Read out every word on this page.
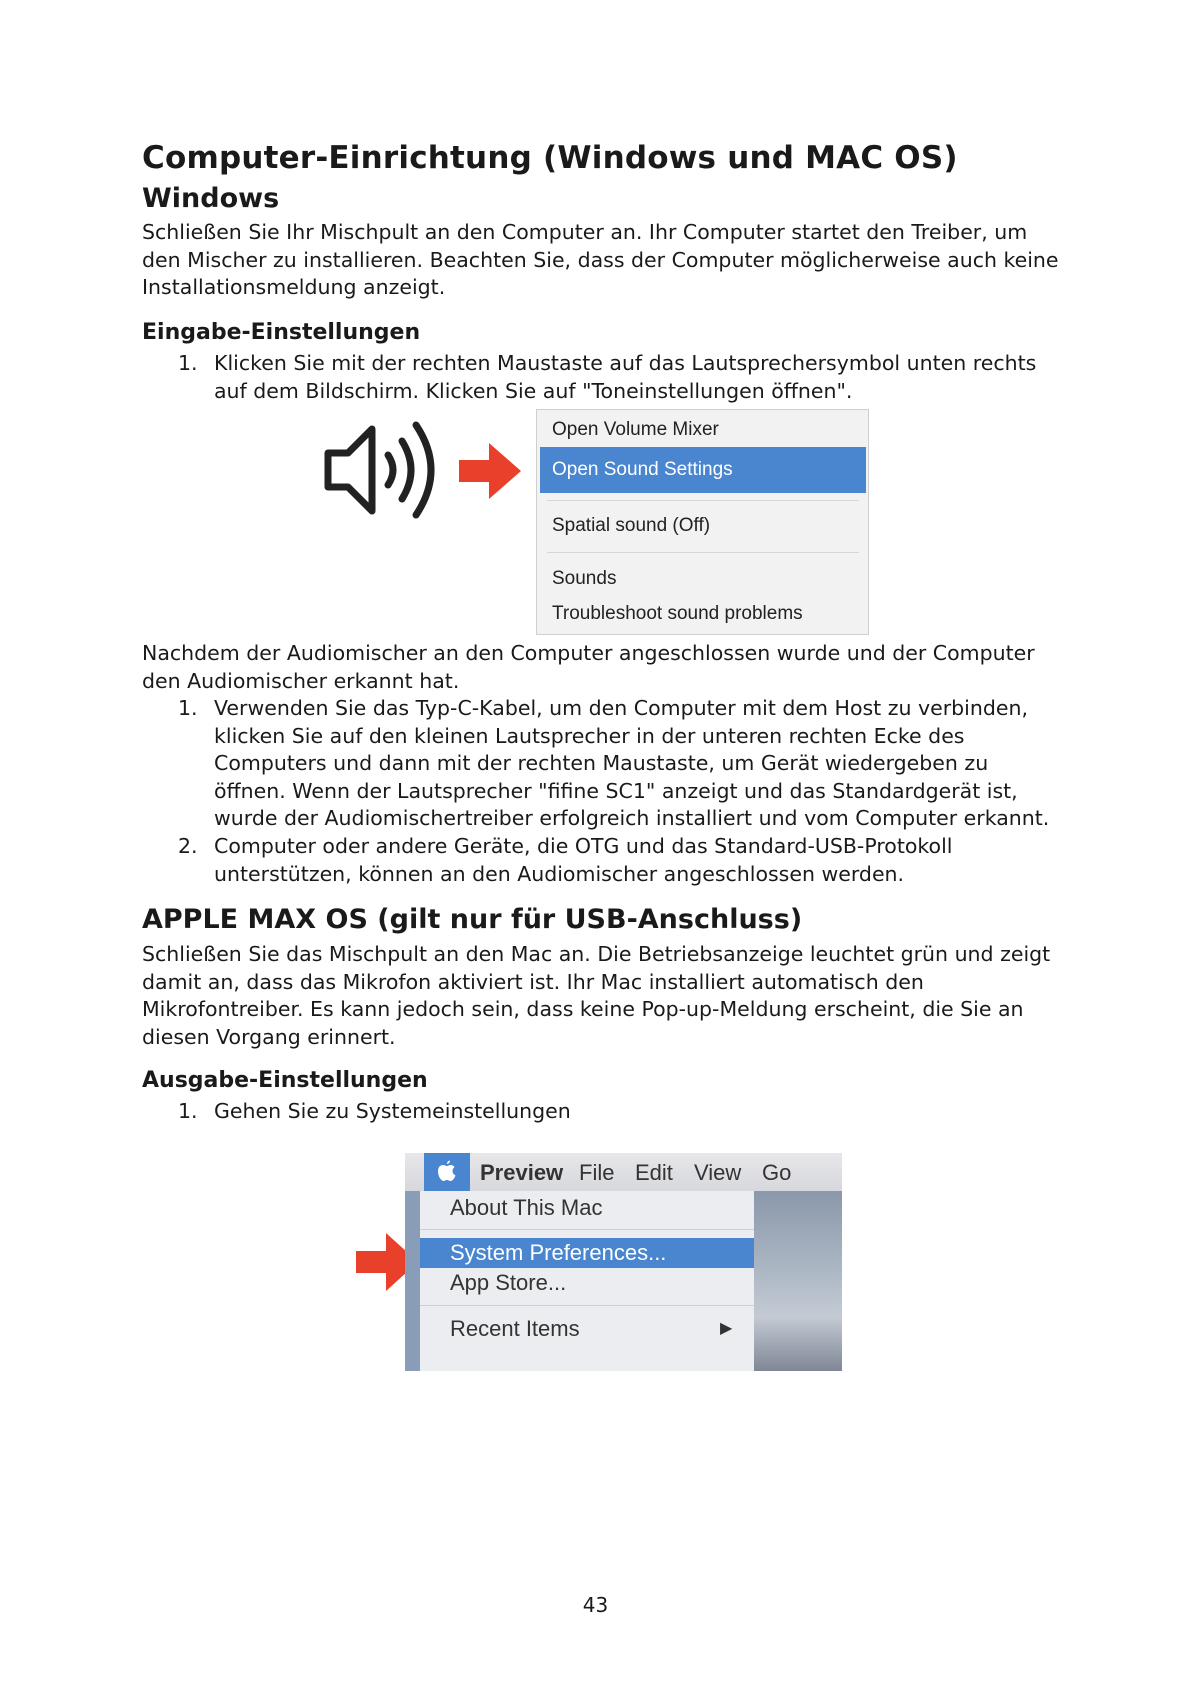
Computer-Einrichtung (Windows und MAC OS)
Windows

Schließen Sie Ihr Mischpult an den Computer an. Ihr Computer startet den Treiber, um den Mischer zu installieren. Beachten Sie, dass der Computer möglicherweise auch keine Installationsmeldung anzeigt.

Eingabe-Einstellungen
1. Klicken Sie mit der rechten Maustaste auf das Lautsprechersymbol unten rechts auf dem Bildschirm. Klicken Sie auf "Toneinstellungen öffnen".

Nachdem der Audiomischer an den Computer angeschlossen wurde und der Computer den Audiomischer erkannt hat.

1. Verwenden Sie das Typ-C-Kabel, um den Computer mit dem Host zu verbinden, klicken Sie auf den kleinen Lautsprecher in der unteren rechten Ecke des Computers und dann mit der rechten Maustaste, um Gerät wiedergeben zu öffnen. Wenn der Lautsprecher "fifine SC1" anzeigt und das Standardgerät ist, wurde der Audiomischertreiber erfolgreich installiert und vom Computer erkannt.
2. Computer oder andere Geräte, die OTG und das Standard-USB-Protokoll unterstützen, können an den Audiomischer angeschlossen werden.
APPLE MAX OS (gilt nur für USB-Anschluss)

Schließen Sie das Mischpult an den Mac an. Die Betriebsanzeige leuchtet grün und zeigt damit an, dass das Mikrofon aktiviert ist. Ihr Mac installiert automatisch den Mikrofontreiber. Es kann jedoch sein, dass keine Pop-up-Meldung erscheint, die Sie an diesen Vorgang erinnert.

Ausgabe-Einstellungen
1. Gehen Sie zu Systemeinstellungen
Open Volume Mixer
Open Sound Settings
Spatial sound (Off)
Sounds
Troubleshoot sound problems
Preview File Edit View Go
About This Mac
System Preferences...
App Store...
Recent Items	▶
43
